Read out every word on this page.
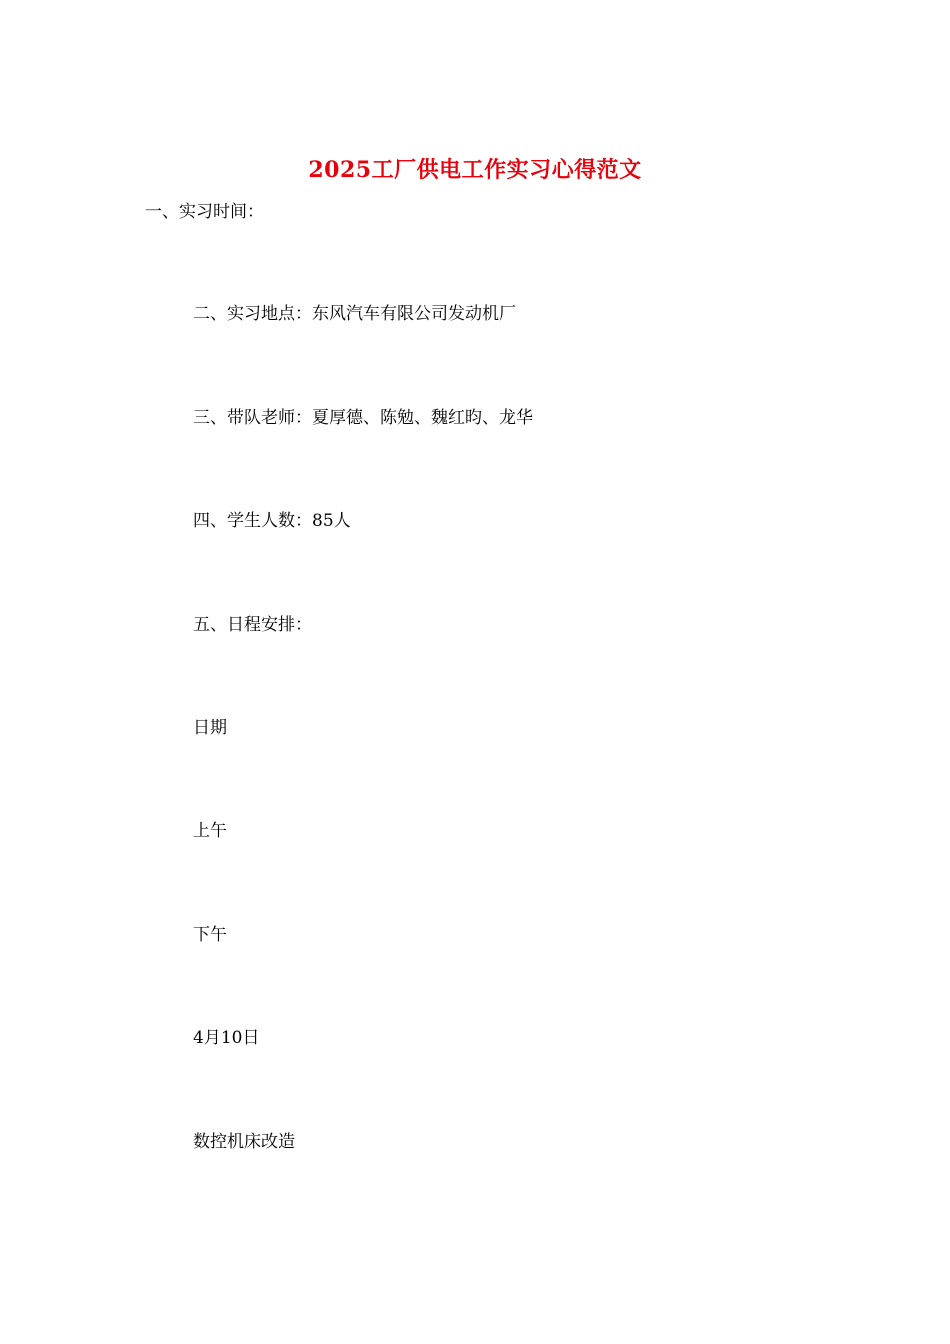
2025工厂供电工作实习心得范文
一、实习时间：
二、实习地点：东风汽车有限公司发动机厂
三、带队老师：夏厚德、陈勉、魏红昀、龙华
四、学生人数：85人
五、日程安排：
日期
上午
下午
4月10日
数控机床改造
